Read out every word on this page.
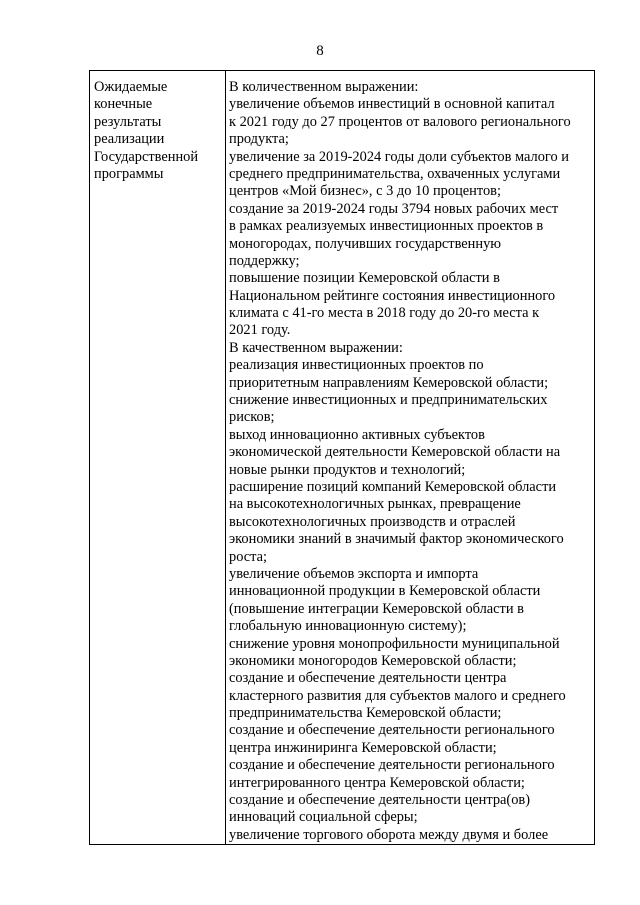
8
Ожидаемые
конечные
результаты
реализации
Государственной
программы
В количественном выражении:
увеличение объемов инвестиций в основной капитал
к 2021 году до 27 процентов от валового регионального
продукта;
увеличение за 2019-2024 годы доли субъектов малого и
среднего предпринимательства, охваченных услугами
центров «Мой бизнес», с 3 до 10 процентов;
создание за 2019-2024 годы 3794 новых рабочих мест
в рамках реализуемых инвестиционных проектов в
моногородах, получивших государственную
поддержку;
повышение позиции Кемеровской области в
Национальном рейтинге состояния инвестиционного
климата с 41-го места в 2018 году до 20-го места к
2021 году.
В качественном выражении:
реализация инвестиционных проектов по
приоритетным направлениям Кемеровской области;
снижение инвестиционных и предпринимательских
рисков;
выход инновационно активных субъектов
экономической деятельности Кемеровской области на
новые рынки продуктов и технологий;
расширение позиций компаний Кемеровской области
на высокотехнологичных рынках, превращение
высокотехнологичных производств и отраслей
экономики знаний в значимый фактор экономического
роста;
увеличение объемов экспорта и импорта
инновационной продукции в Кемеровской области
(повышение интеграции Кемеровской области в
глобальную инновационную систему);
снижение уровня монопрофильности муниципальной
экономики моногородов Кемеровской области;
создание и обеспечение деятельности центра
кластерного развития для субъектов малого и среднего
предпринимательства Кемеровской области;
создание и обеспечение деятельности регионального
центра инжиниринга Кемеровской области;
создание и обеспечение деятельности регионального
интегрированного центра Кемеровской области;
создание и обеспечение деятельности центра(ов)
инноваций социальной сферы;
увеличение торгового оборота между двумя и более
